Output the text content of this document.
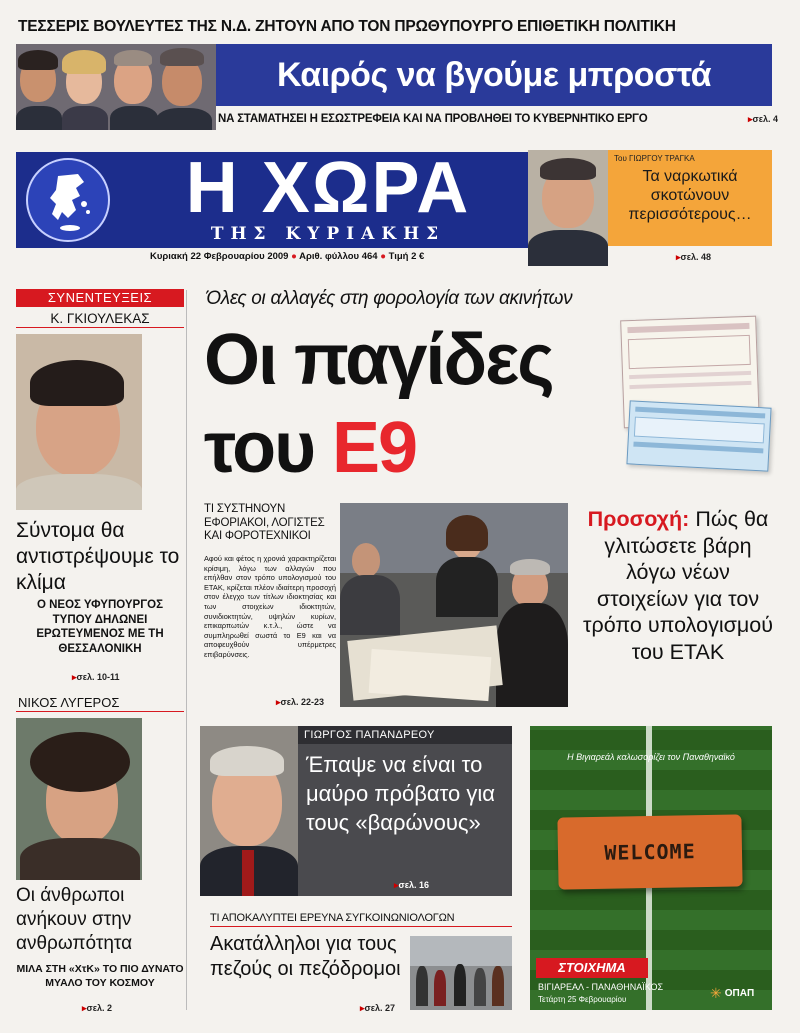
ΤΕΣΣΕΡΙΣ ΒΟΥΛΕΥΤΕΣ ΤΗΣ Ν.Δ. ΖΗΤΟΥΝ ΑΠΟ ΤΟΝ ΠΡΩΘΥΠΟΥΡΓΟ ΕΠΙΘΕΤΙΚΗ ΠΟΛΙΤΙΚΗ
Καιρός να βγούμε μπροστά
ΝΑ ΣΤΑΜΑΤΗΣΕΙ Η ΕΣΩΣΤΡΕΦΕΙΑ ΚΑΙ ΝΑ ΠΡΟΒΛΗΘΕΙ ΤΟ ΚΥΒΕΡΝΗΤΙΚΟ ΕΡΓΟ
▸	σελ. 4
Η ΧΩΡΑ
ΤΗΣ ΚΥΡΙΑΚΗΣ
Κυριακή 22 Φεβρουαρίου 2009 ● Αριθ. φύλλου 464 ● Τιμή 2 €
Του ΓΙΩΡΓΟΥ ΤΡΑΓΚΑ
Τα ναρκωτικά σκοτώνουν περισσότερους…
▸ σελ. 48
ΣΥΝΕΝΤΕΥΞΕΙΣ
Κ. ΓΚΙΟΥΛΕΚΑΣ
Σύντομα θα αντιστρέψουμε το κλίμα
Ο ΝΕΟΣ ΥΦΥΠΟΥΡΓΟΣ ΤΥΠΟΥ ΔΗΛΩΝΕΙ ΕΡΩΤΕΥΜΕΝΟΣ ΜΕ ΤΗ ΘΕΣΣΑΛΟΝΙΚΗ
▸ σελ. 10-11
ΝΙΚΟΣ ΛΥΓΕΡΟΣ
Οι άνθρωποι ανήκουν στην ανθρωπότητα
ΜΙΛΑ ΣΤΗ «ΧτΚ» ΤΟ ΠΙΟ ΔΥΝΑΤΟ ΜΥΑΛΟ ΤΟΥ ΚΟΣΜΟΥ
▸ σελ. 2
Όλες οι αλλαγές στη φορολογία των ακινήτων
Οι παγίδες
του Ε9
ΤΙ ΣΥΣΤΗΝΟΥΝ ΕΦΟΡΙΑΚΟΙ, ΛΟΓΙΣΤΕΣ ΚΑΙ ΦΟΡΟΤΕΧΝΙΚΟΙ
Αφού και φέτος η χρονιά χαρακτηρίζεται κρίσιμη, λόγω των αλλαγών που επήλθαν στον τρόπο υπολογισμού του ΕΤΑΚ, κρίζεται πλέον ιδιαίτερη προσοχή στον έλεγχο των τίτλων ιδιοκτησίας και των στοιχείων ιδιοκτητών, συνιδιοκτητών, υψηλών κυρίων, επικαρπωτών κ.τ.λ., ώστε να συμπληρωθεί σωστά το Ε9 και να αποφευχθούν υπέρμετρες επιβαρύνσεις.
▸ σελ. 22-23
Προσοχή: Πώς θα γλιτώσετε βάρη λόγω νέων στοιχείων για τον τρόπο υπολογισμού του ΕΤΑΚ
ΓΙΩΡΓΟΣ ΠΑΠΑΝΔΡΕΟΥ
Έπαψε να είναι το μαύρο πρόβατο για τους «βαρώνους»
▸ σελ. 16
ΤΙ ΑΠΟΚΑΛΥΠΤΕΙ ΕΡΕΥΝΑ ΣΥΓΚΟΙΝΩΝΙΟΛΟΓΩΝ
Ακατάλληλοι για τους πεζούς οι πεζόδρομοι
▸ σελ. 27
Η Βιγιαρεάλ καλωσορίζει τον Παναθηναϊκό
WELCOME
ΣΤΟΙΧΗΜΑ
ΒΙΓΙΑΡΕΑΛ - ΠΑΝΑΘΗΝΑΪΚΟΣ
Τετάρτη 25 Φεβρουαρίου	✳ ΟΠΑΠ
